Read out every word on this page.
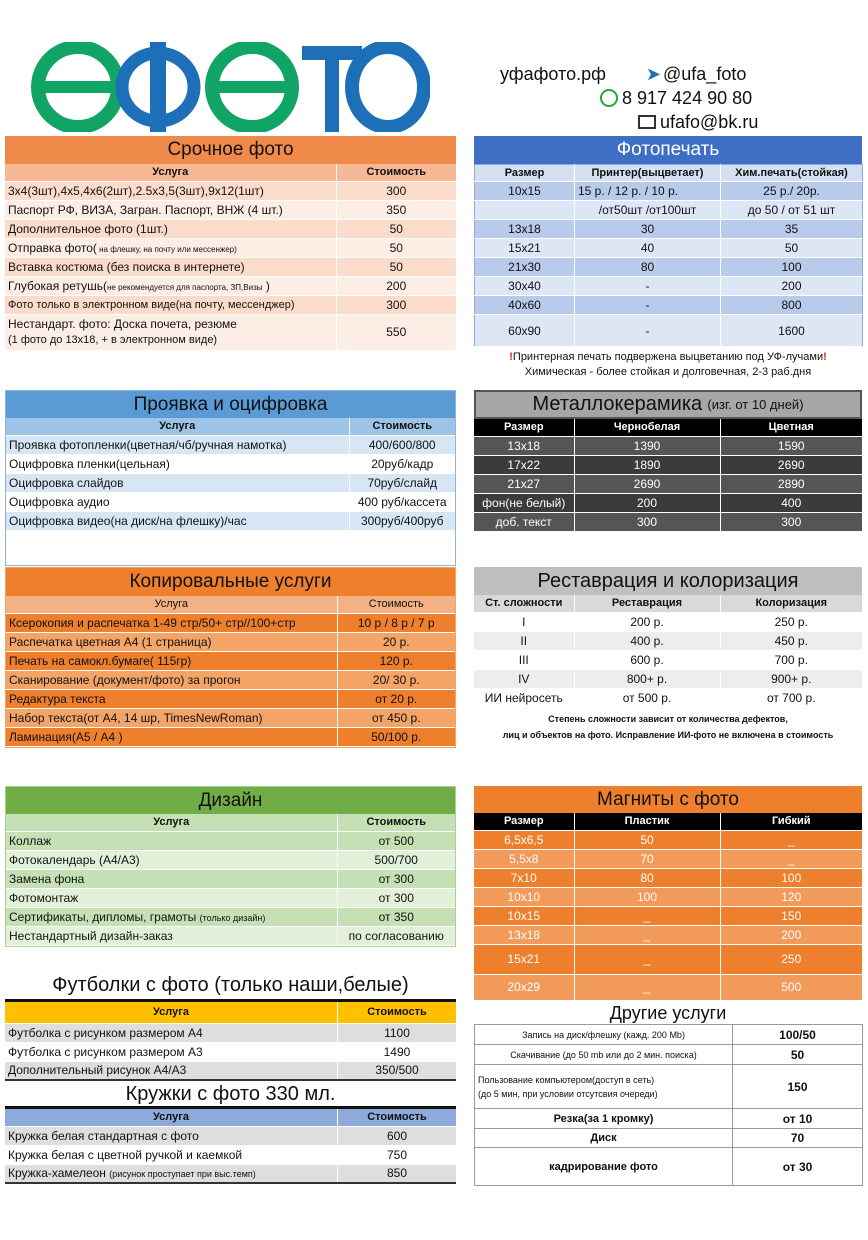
уфафото.рф ➤ @ufa_foto
8 917 424 90 80
ufafo@bk.ru
Срочное фото
Услуга	Стоимость
3х4(3шт),4х5,4х6(2шт),2.5х3,5(3шт),9х12(1шт)	300
Паспорт РФ, ВИЗА, Загран. Паспорт, ВНЖ (4 шт.)	350
Дополнительное фото (1шт.)	50
Отправка фото( на флешку, на почту или мессенжер)	50
Вставка костюма (без поиска в интернете)	50
Глубокая ретушь(не рекомендуется для паспорта, ЗП,Визы )	200
Фото только в электронном виде(на почту, мессенджер)	300

Нестандарт. фото: Доска почета, резюме
(1 фото до 13х18, + в электронном виде)	550
Фотопечать
Размер	Принтер(выцветает)	Хим.печать(стойкая)
10х15	15 р. / 12 р. / 10 р.	25 р./ 20р.
	/от50шт /от100шт	до 50 / от 51 шт
13х18	30	35
15х21	40	50
21х30	80	100
30х40	-	200
40х60	-	800
60х90	-	1600
!Принтерная печать подвержена выцветанию под УФ-лучами!
Химическая - более стойкая и долговечная, 2-3 раб.дня
Проявка и оцифровка
Услуга	Стоимость
Проявка фотопленки(цветная/чб/ручная намотка)	400/600/800
Оцифровка пленки(цельная)	20руб/кадр
Оцифровка слайдов	70руб/слайд
Оцифровка аудио	400 руб/кассета
Оцифровка видео(на диск/на флешку)/час	300руб/400руб
Металлокерамика
(изг. от 10 дней)
Размер	Чернобелая	Цветная
13х18	1390	1590
17х22	1890	2690
21х27	2690	2890
фон(не белый)	200	400
доб. текст	300	300
Копировальные услуги
Услуга	Стоимость
Ксерокопия и распечатка 1-49 стр/50+ стр//100+стр	10 р / 8 р / 7 р
Распечатка цветная А4 (1 страница)	20 р.
Печать на самокл.бумаге( 115гр)	120 р.
Сканирование (документ/фото) за прогон	20/ 30 р.
Редактура текста	от 20 р.
Набор текста(от А4, 14 шр, TimesNewRoman)	от 450 р.
Ламинация(А5 / А4 )	50/100 р.
Реставрация и колоризация
Ст. сложности	Реставрация	Колоризация
I	200 р.	250 р.
II	400 р.	450 р.
III	600 р.	700 р.
IV	800+ р.	900+ р.
ИИ нейросеть	от 500 р.	от 700 р.
Степень сложности зависит от количества дефектов,
лиц и объектов на фото. Исправление ИИ-фото не включена в стоимость
Дизайн
Услуга	Стоимость
Коллаж	от 500
Фотокалендарь (А4/А3)	500/700
Замена фона	от 300
Фотомонтаж	от 300
Сертификаты, дипломы, грамоты (только дизайн)	от 350
Нестандартный дизайн-заказ	по согласованию
Магниты с фото
Размер	Пластик	Гибкий
6,5х6,5	50	_
5,5х8	70	_
7х10	80	100
10х10	100	120
10х15	_	150
13х18	_	200
15х21	_	250
20х29	_	500
Футболки с фото (только наши,белые)
Услуга	Стоимость
Футболка с рисунком размером А4	1100
Футболка с рисунком размером А3	1490
Дополнительный рисунок А4/А3	350/500
Кружки с фото 330 мл.
Услуга	Стоимость
Кружка белая стандартная с фото	600
Кружка белая с цветной ручкой и каемкой	750
Кружка-хамелеон (рисунок проступает при выс.темп)	850
Другие услуги
Запись на диск/флешку (кажд. 200 Mb)	100/50
Скачивание (до 50 mb или до 2 мин. поиска)	50

Пользование компьютером(доступ в сеть)
(до 5 мин, при условии отсутсвия очереди)	150
Резка(за 1 кромку)	от 10
Диск	70
кадрирование фото	от 30
